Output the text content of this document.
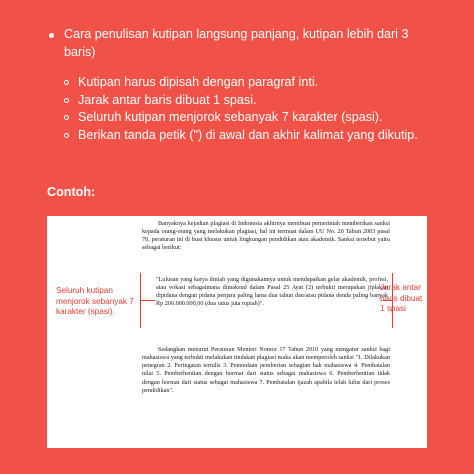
Cara penulisan kutipan langsung panjang, kutipan lebih dari 3 baris)
Kutipan harus dipisah dengan paragraf inti.
Jarak antar baris dibuat 1 spasi.
Seluruh kutipan menjorok sebanyak 7 karakter (spasi).
Berikan tanda petik (") di awal dan akhir kalimat yang dikutip.
Contoh:

Banyaknya kejadian plagiasi di Indonesia akhirnya membuat pemerintah memberikan sanksi kepada orang-orang yang melakukan plagiasi, hal ini termuat dalam UU No. 20 Tahun 2003 pasal 70, peraturan ini di buat khusus untuk lingkungan pendidikan atau akademik. Sanksi tersebut yaitu sebagai berikut:

"Lulusan yang karya ilmiah yang digunakannya untuk mendapatkan gelar akademik, profesi, atau vokasi sebagaimana dimaksud dalam Pasal 25 Ayat (2) terbukti merupakan jiplakan dipidana dengan pidana penjara paling lama dua tahun dan/atau pidana denda paling banyak Rp 200.000.000,00 (dua ratus juta rupiah)".

Sedangkan menurut Peraturan Menteri Nomor 17 Tahun 2010 yang mengatur sanksi bagi mahasiswa yang terbukti melakukan tindakan plagiasi maka akan memperoleh sanksi "1. Dilakukan penegran 2. Peringatan tertulis 3. Penundaan pemberian sebagian hak mahasiswa 4. Pembatalan nilai 5. Pemberhentian dengan hormat dari status sebagai mahasiswa 6. Pemberhentian tidak dengan hormat dari status sebagai mahasiswa 7. Pembatalan ijazah apabila telah lulus dari proses pendidikan".

Seluruh kutipan menjorok sebanyak 7 karakter (spasi).
Jarak antar baris dibuat 1 spasi
